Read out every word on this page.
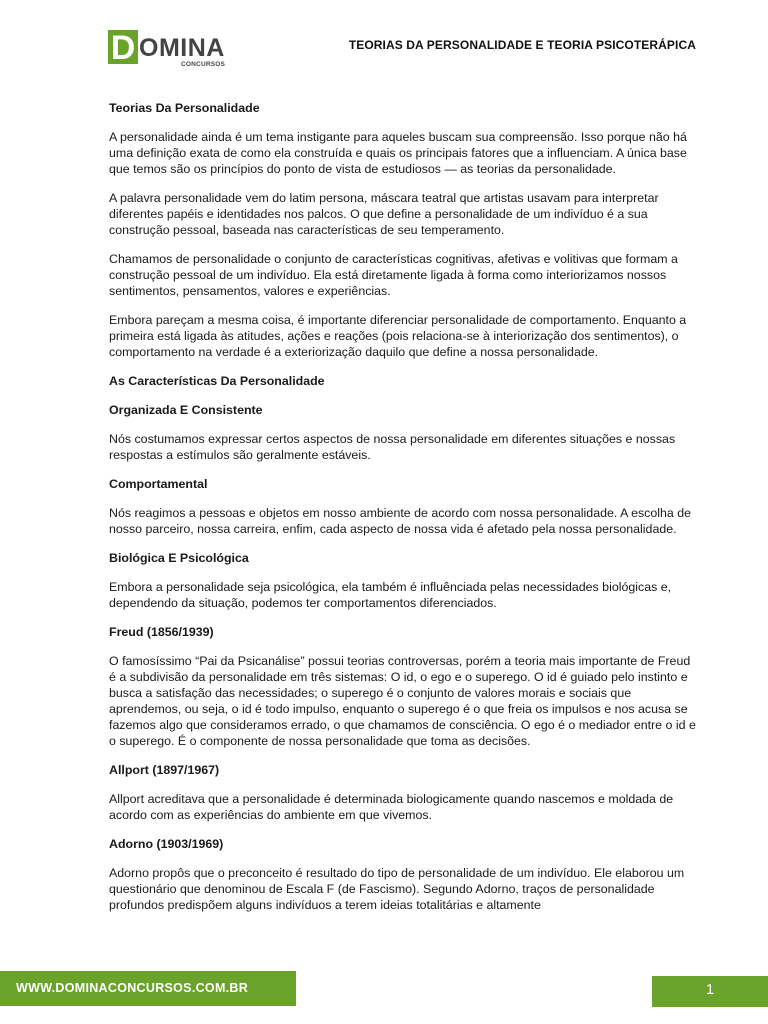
D OMINA
CONCURSOS
TEORIAS DA PERSONALIDADE E TEORIA PSICOTERÁPICA
Teorias Da Personalidade

A personalidade ainda é um tema instigante para aqueles buscam sua compreensão. Isso porque não há uma definição exata de como ela construída e quais os principais fatores que a influenciam. A única base que temos são os princípios do ponto de vista de estudiosos — as teorias da personalidade.

A palavra personalidade vem do latim persona, máscara teatral que artistas usavam para interpretar diferentes papéis e identidades nos palcos. O que define a personalidade de um indivíduo é a sua construção pessoal, baseada nas características de seu temperamento.

Chamamos de personalidade o conjunto de características cognitivas, afetivas e volitivas que formam a construção pessoal de um indivíduo. Ela está diretamente ligada à forma como interiorizamos nossos sentimentos, pensamentos, valores e experiências.

Embora pareçam a mesma coisa, é importante diferenciar personalidade de comportamento. Enquanto a primeira está ligada às atitudes, ações e reações (pois relaciona-se à interiorização dos sentimentos), o comportamento na verdade é a exteriorização daquilo que define a nossa personalidade.

As Características Da Personalidade
Organizada E Consistente

Nós costumamos expressar certos aspectos de nossa personalidade em diferentes situações e nossas respostas a estímulos são geralmente estáveis.

Comportamental

Nós reagimos a pessoas e objetos em nosso ambiente de acordo com nossa personalidade. A escolha de nosso parceiro, nossa carreira, enfim, cada aspecto de nossa vida é afetado pela nossa personalidade.

Biológica E Psicológica

Embora a personalidade seja psicológica, ela também é influênciada pelas necessidades biológicas e, dependendo da situação, podemos ter comportamentos diferenciados.

Freud (1856/1939)

O famosíssimo “Pai da Psicanálise” possui teorias controversas, porém a teoria mais importante de Freud é a subdivisão da personalidade em três sistemas: O id, o ego e o superego. O id é guiado pelo instinto e busca a satisfação das necessidades; o superego é o conjunto de valores morais e sociais que aprendemos, ou seja, o id é todo impulso, enquanto o superego é o que freia os impulsos e nos acusa se fazemos algo que consideramos errado, o que chamamos de consciência. O ego é o mediador entre o id e o superego. É o componente de nossa personalidade que toma as decisões.

Allport (1897/1967)

Allport acreditava que a personalidade é determinada biologicamente quando nascemos e moldada de acordo com as experiências do ambiente em que vivemos.

Adorno (1903/1969)

Adorno propôs que o preconceito é resultado do tipo de personalidade de um indivíduo. Ele elaborou um questionário que denominou de Escala F (de Fascismo). Segundo Adorno, traços de personalidade profundos predispõem alguns indivíduos a terem ideias totalitárias e altamente

WWW.DOMINACONCURSOS.COM.BR	1
